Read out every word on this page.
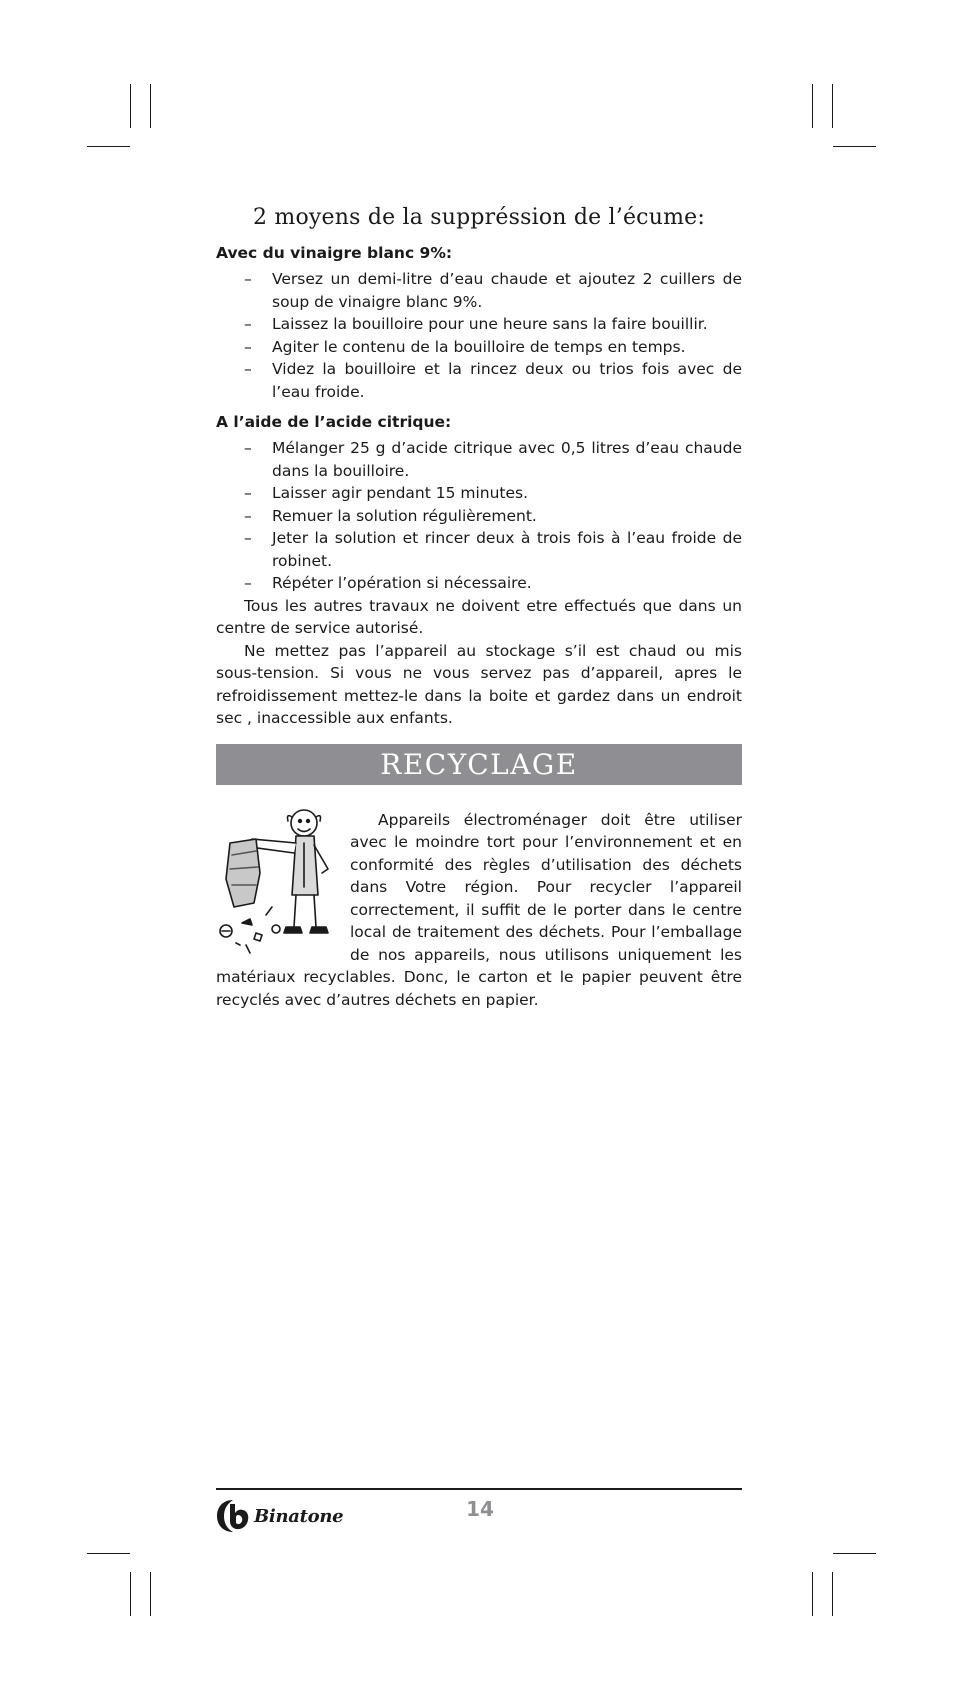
2 moyens de la suppréssion de l’écume:
Avec du vinaigre blanc 9%:
– Versez un demi-litre d’eau chaude et ajoutez 2 cuillers de soup de vinaigre blanc 9%.
– Laissez la bouilloire pour une heure sans la faire bouillir.
– Agiter le contenu de la bouilloire de temps en temps.
– Videz la bouilloire et la rincez deux ou trios fois avec de l’eau froide.
A l’aide de l’acide citrique:
– Mélanger 25 g d’acide citrique avec 0,5 litres d’eau chaude dans la bouilloire.
– Laisser agir pendant 15 minutes.
– Remuer la solution régulièrement.
– Jeter la solution et rincer deux à trois fois à l’eau froide de robinet.
– Répéter l’opération si nécessaire.

Tous les autres travaux ne doivent etre effectués que dans un centre de service autorisé.

Ne mettez pas l’appareil au stockage s’il est chaud ou mis sous-tension. Si vous ne vous servez pas d’appareil, apres le refroidissement mettez-le dans la boite et gardez dans un endroit sec , inaccessible aux enfants.

RECYCLAGE

Appareils électroménager doit être utiliser avec le moindre tort pour l’environnement et en conformité des règles d’utilisation des déchets dans Votre région. Pour recycler l’appareil correctement, il suffit de le porter dans le centre local de traitement des déchets. Pour l’emballage de nos appareils, nous utilisons uniquement les matériaux recyclables. Donc, le carton et le papier peuvent être recyclés avec d’autres déchets en papier.

Binatone	14
